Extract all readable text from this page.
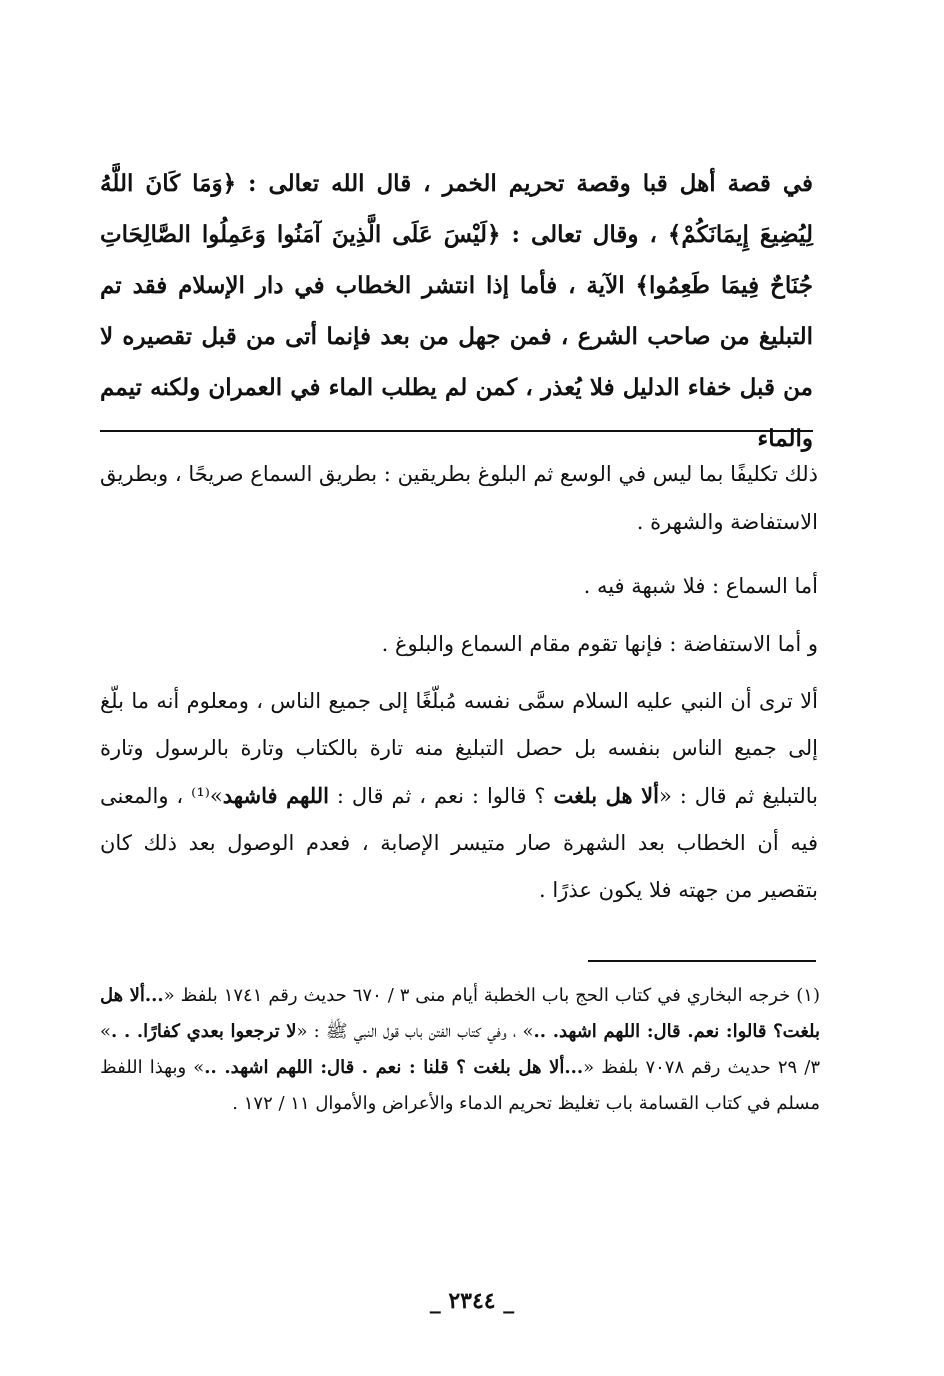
في قصة أهل قبا وقصة تحريم الخمر ، قال الله تعالى : ﴿وَمَا كَانَ اللَّهُ لِيُضِيعَ إِيمَانَكُمْ﴾ ، وقال تعالى : ﴿لَيْسَ عَلَى الَّذِينَ آمَنُوا وَعَمِلُوا الصَّالِحَاتِ جُنَاحٌ فِيمَا طَعِمُوا﴾ الآية ، فأما إذا انتشر الخطاب في دار الإسلام فقد تم التبليغ من صاحب الشرع ، فمن جهل من بعد فإنما أتى من قبل تقصيره لا من قبل خفاء الدليل فلا يُعذر ، كمن لم يطلب الماء في العمران ولكنه تيمم والماء

ذلك تكليفًا بما ليس في الوسع ثم البلوغ بطريقين : بطريق السماع صريحًا ، وبطريق الاستفاضة والشهرة .

أما السماع : فلا شبهة فيه .

و أما الاستفاضة : فإنها تقوم مقام السماع والبلوغ .

ألا ترى أن النبي عليه السلام سمَّى نفسه مُبلّغًا إلى جميع الناس ، ومعلوم أنه ما بلّغ إلى جميع الناس بنفسه بل حصل التبليغ منه تارة بالكتاب وتارة بالرسول وتارة بالتبليغ ثم قال : «ألا هل بلغت ؟ قالوا : نعم ، ثم قال : اللهم فاشهد»⁽¹⁾ ، والمعنى فيه أن الخطاب بعد الشهرة صار متيسر الإصابة ، فعدم الوصول بعد ذلك كان بتقصير من جهته فلا يكون عذرًا .

(١) خرجه البخاري في كتاب الحج باب الخطبة أيام منى ٣ / ٦٧٠ حديث رقم ١٧٤١ بلفظ «...ألا هل بلغت؟ قالوا: نعم. قال: اللهم اشهد. ..» ، وفي كتاب الفتن باب قول النبي ﷺ : «لا ترجعوا بعدي كفارًا. . .» ٣/ ٢٩ حديث رقم ٧٠٧٨ بلفظ «...ألا هل بلغت ؟ قلنا : نعم . قال: اللهم اشهد. ..» وبهذا اللفظ مسلم في كتاب القسامة باب تغليظ تحريم الدماء والأعراض والأموال ١١ / ١٧٢ .

_ ٢٣٤٤ _
